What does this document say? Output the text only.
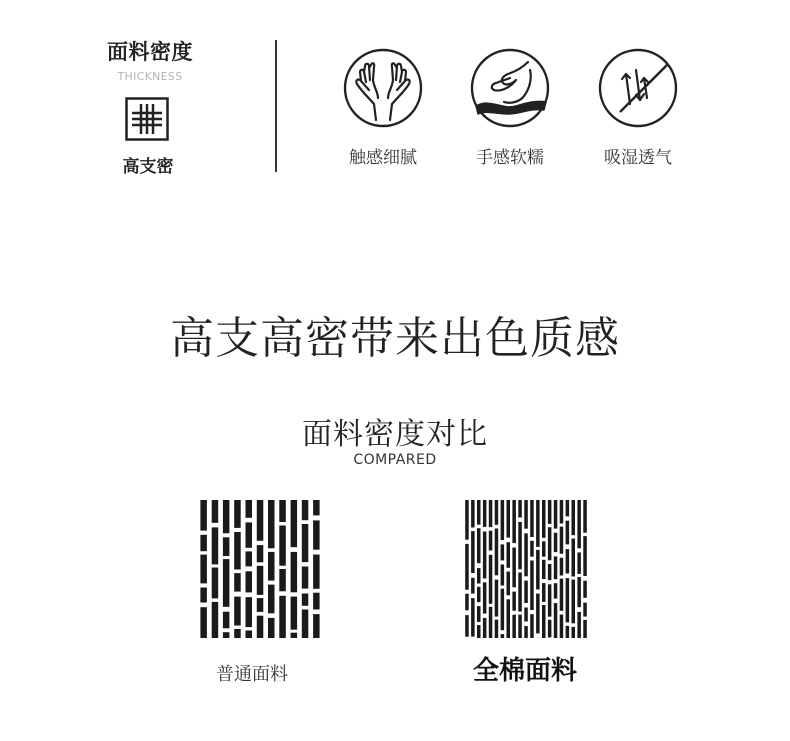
面料密度
THICKNESS
高支密	触感细腻	手感软糯	吸湿透气
高支高密带来出色质感
面料密度对比
COMPARED
普通面料	全棉面料
